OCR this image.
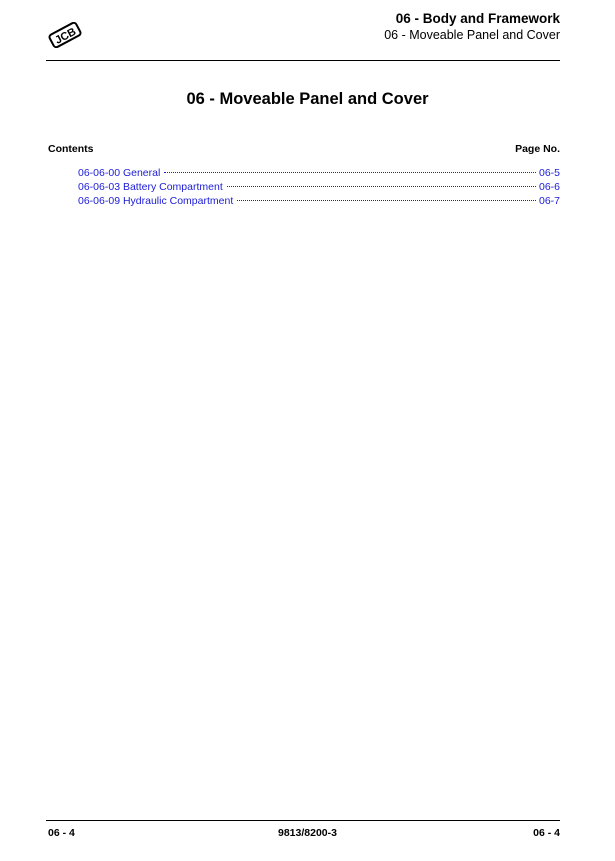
JCB
06 - Body and Framework
06 - Moveable Panel and Cover
06 - Moveable Panel and Cover
Contents	Page No.
06-06-00 General	06-5
06-06-03 Battery Compartment	06-6
06-06-09 Hydraulic Compartment	06-7
06 - 4	9813/8200-3	06 - 4
